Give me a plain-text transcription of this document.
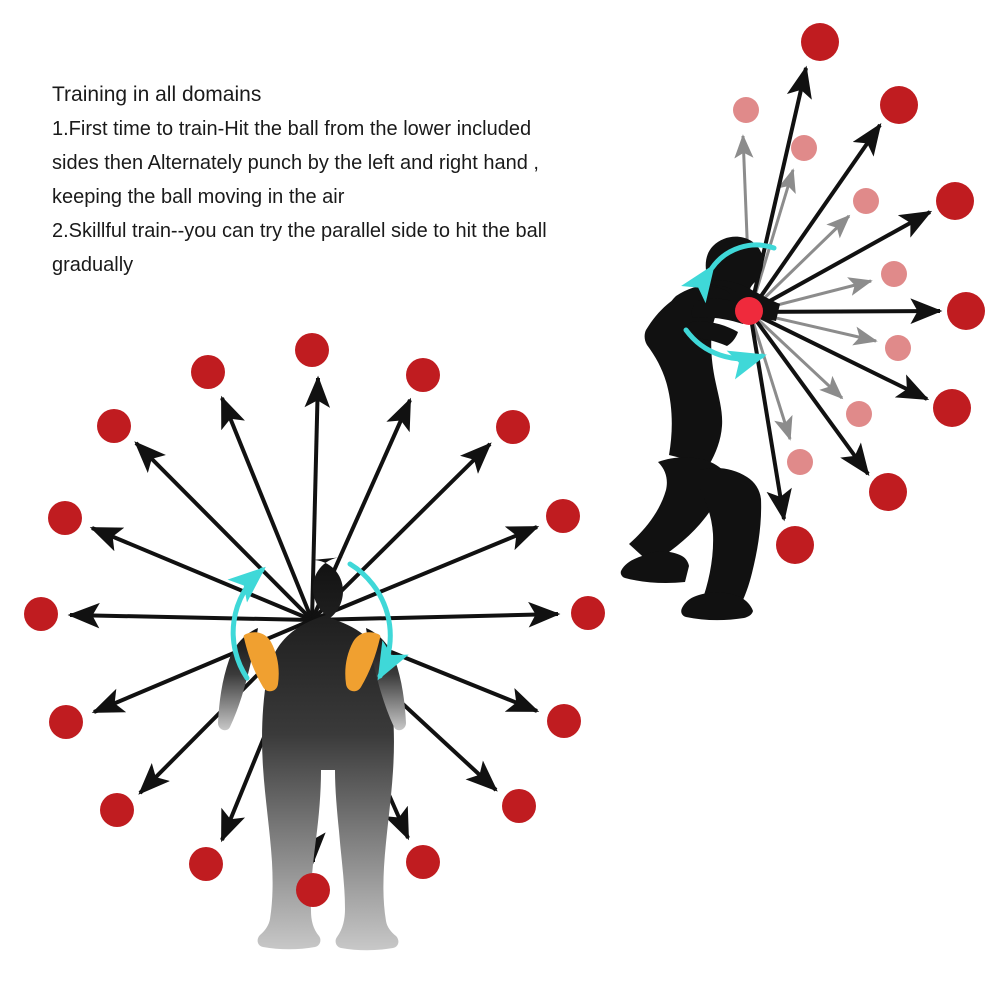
Training in all domains
1.First time to train-Hit the ball from the lower included
sides then Alternately punch by the left and right hand ,
keeping the ball moving in the air
2.Skillful train--you can try the parallel side to hit the ball
gradually
